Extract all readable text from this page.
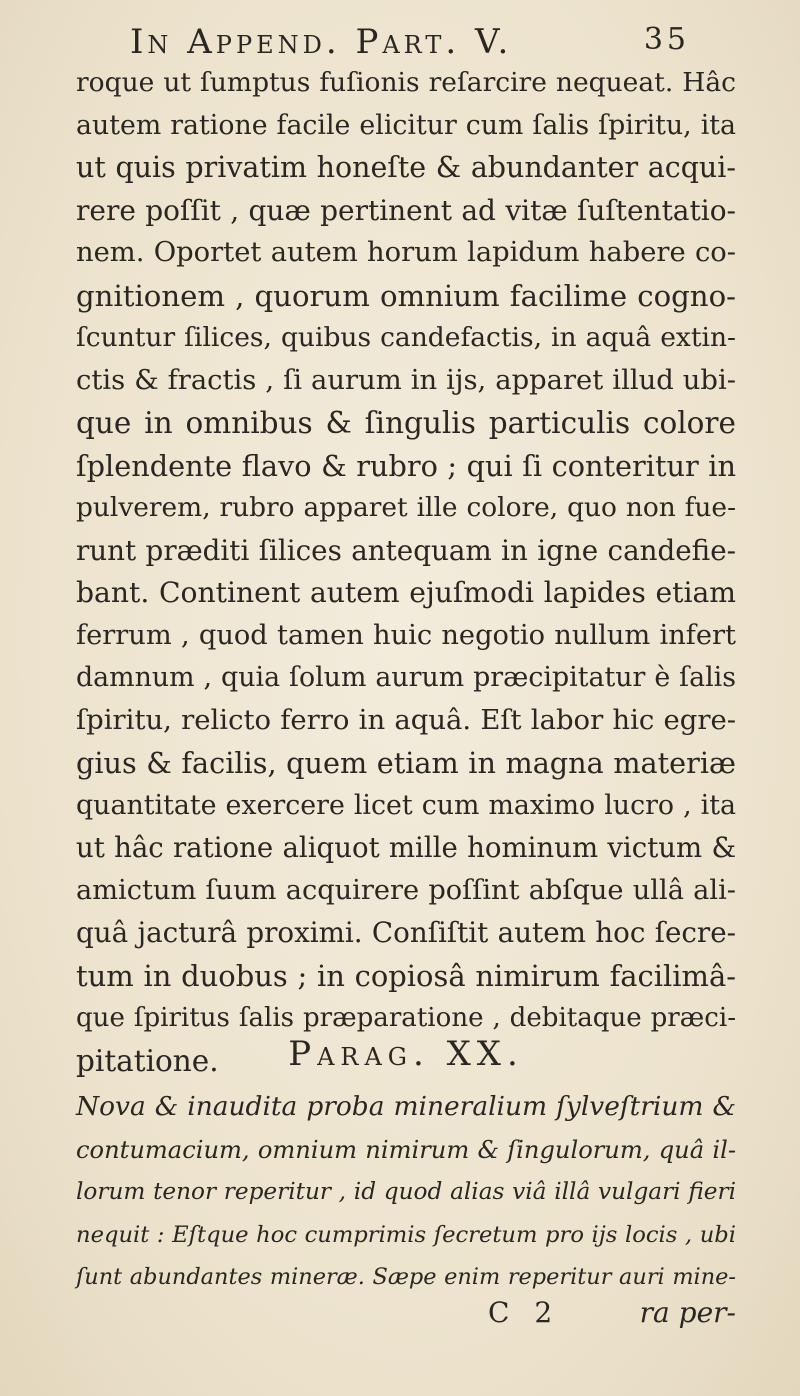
In Append. Part. V.	35
roque ut ſumptus fuſionis reſarcire nequeat. Hâc
autem ratione facile elicitur cum ſalis ſpiritu, ita
ut quis privatim honeſte & abundanter acqui-
rere poſſit , quæ pertinent ad vitæ ſuſtentatio-
nem. Oportet autem horum lapidum habere co-
gnitionem , quorum omnium facilime cogno-
ſcuntur ſilices, quibus candefactis, in aquâ extin-
ctis & fractis , ſi aurum in ijs, apparet illud ubi-
que in omnibus & ſingulis particulis colore
ſplendente flavo & rubro ; qui ſi conteritur in
pulverem, rubro apparet ille colore, quo non fue-
runt præditi ſilices antequam in igne candefie-
bant. Continent autem ejuſmodi lapides etiam
ferrum , quod tamen huic negotio nullum infert
damnum , quia ſolum aurum præcipitatur è ſalis
ſpiritu, relicto ferro in aquâ. Eſt labor hic egre-
gius & facilis, quem etiam in magna materiæ
quantitate exercere licet cum maximo lucro , ita
ut hâc ratione aliquot mille hominum victum &
amictum ſuum acquirere poſſint abſque ullâ ali-
quâ jacturâ proximi. Conſiſtit autem hoc ſecre-
tum in duobus ; in copiosâ nimirum facilimâ-
que ſpiritus ſalis præparatione , debitaque præci-
pitatione.	Parag. XX.
Nova & inaudita proba mineralium ſylveſtrium &
contumacium, omnium nimirum & ſingulorum, quâ il-
lorum tenor reperitur , id quod alias viâ illâ vulgari fieri
nequit : Eſtque hoc cumprimis ſecretum pro ijs locis , ubi
ſunt abundantes mineræ. Sæpe enim reperitur auri mine-
C 2	ra per-
